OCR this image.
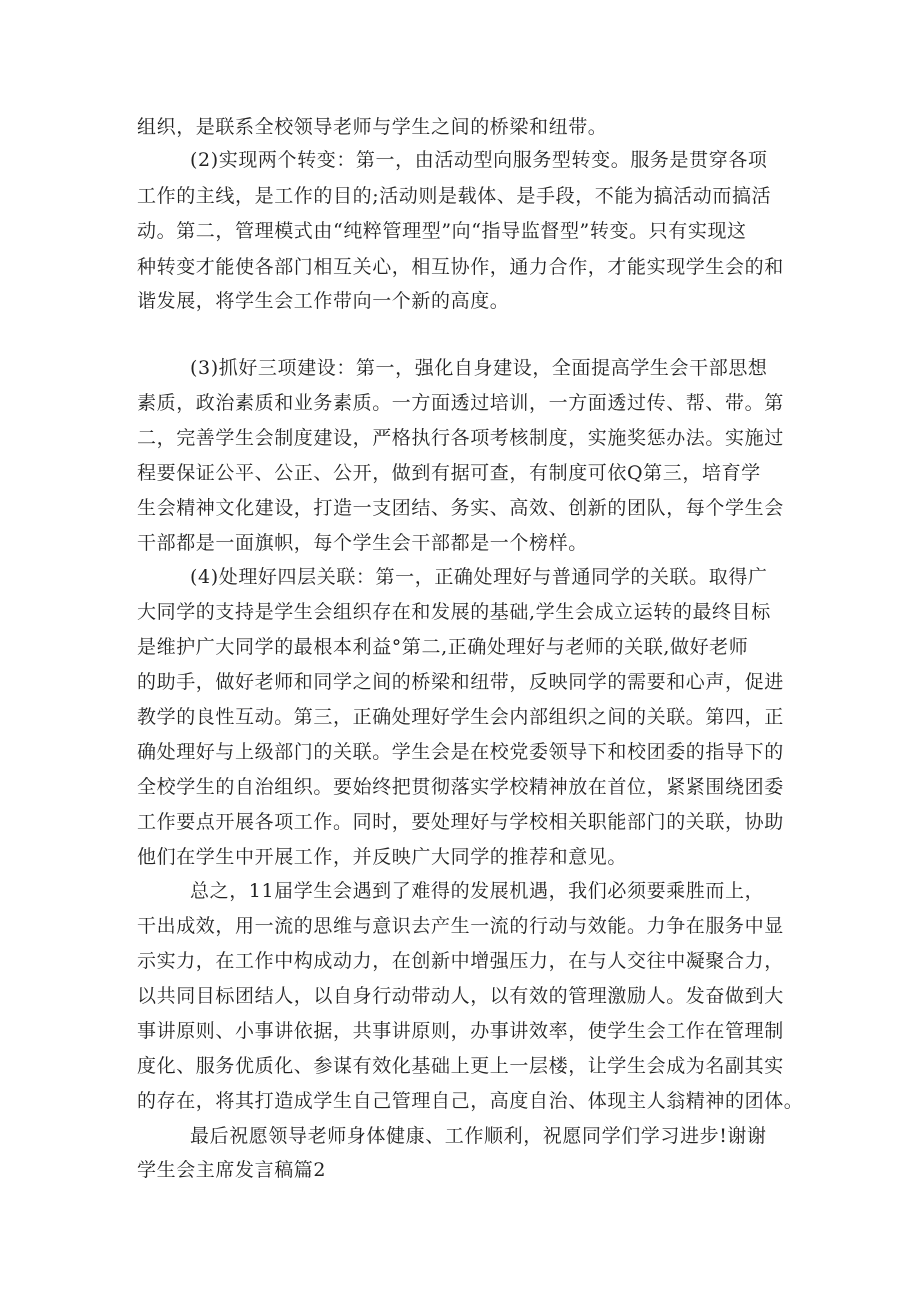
组织，是联系全校领导老师与学生之间的桥梁和纽带。
(2)实现两个转变：第一，由活动型向服务型转变。服务是贯穿各项
工作的主线，是工作的目的;活动则是载体、是手段，不能为搞活动而搞活
动。第二，管理模式由“纯粹管理型”向“指导监督型”转变。只有实现这
种转变才能使各部门相互关心，相互协作，通力合作，才能实现学生会的和
谐发展，将学生会工作带向一个新的高度。
(3)抓好三项建设：第一，强化自身建设，全面提高学生会干部思想
素质，政治素质和业务素质。一方面透过培训，一方面透过传、帮、带。第
二，完善学生会制度建设，严格执行各项考核制度，实施奖惩办法。实施过
程要保证公平、公正、公开，做到有据可查，有制度可依Q第三，培育学
生会精神文化建设，打造一支团结、务实、高效、创新的团队，每个学生会
干部都是一面旗帜，每个学生会干部都是一个榜样。
(4)处理好四层关联：第一，正确处理好与普通同学的关联。取得广
大同学的支持是学生会组织存在和发展的基础,学生会成立运转的最终目标
是维护广大同学的最根本利益°第二,正确处理好与老师的关联,做好老师
的助手，做好老师和同学之间的桥梁和纽带，反映同学的需要和心声，促进
教学的良性互动。第三，正确处理好学生会内部组织之间的关联。第四，正
确处理好与上级部门的关联。学生会是在校党委领导下和校团委的指导下的
全校学生的自治组织。要始终把贯彻落实学校精神放在首位，紧紧围绕团委
工作要点开展各项工作。同时，要处理好与学校相关职能部门的关联，协助
他们在学生中开展工作，并反映广大同学的推荐和意见。
总之，11届学生会遇到了难得的发展机遇，我们必须要乘胜而上，
干出成效，用一流的思维与意识去产生一流的行动与效能。力争在服务中显
示实力，在工作中构成动力，在创新中增强压力，在与人交往中凝聚合力，
以共同目标团结人，以自身行动带动人，以有效的管理激励人。发奋做到大
事讲原则、小事讲依据，共事讲原则，办事讲效率，使学生会工作在管理制
度化、服务优质化、参谋有效化基础上更上一层楼，让学生会成为名副其实
的存在，将其打造成学生自己管理自己，高度自治、体现主人翁精神的团体。
最后祝愿领导老师身体健康、工作顺利，祝愿同学们学习进步!谢谢
学生会主席发言稿篇2
